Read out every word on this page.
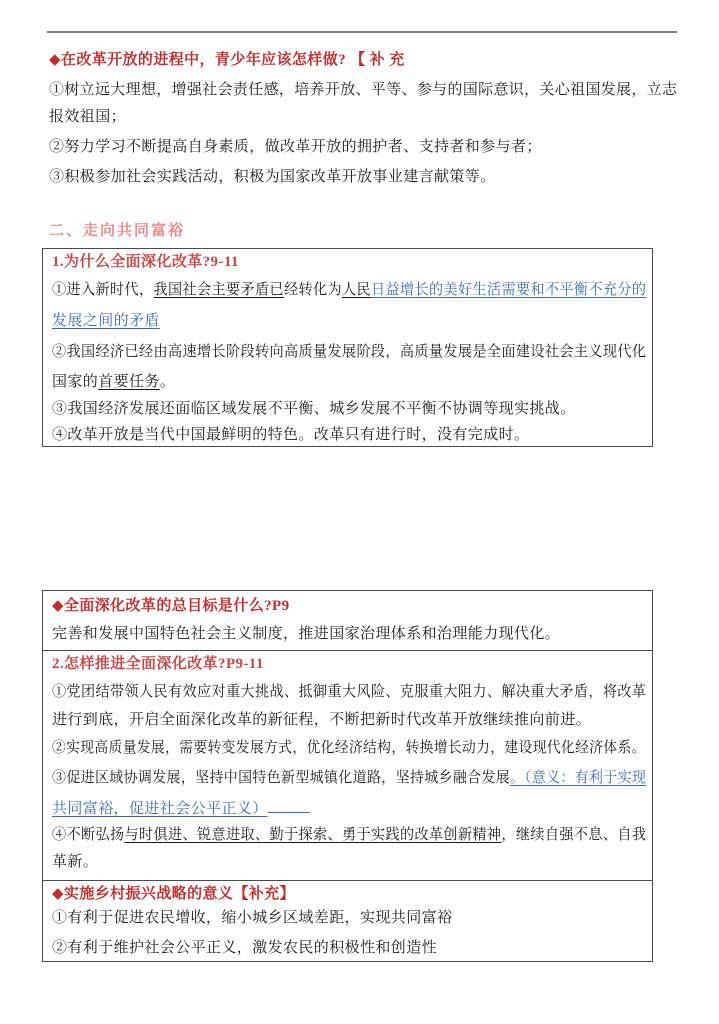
◆在改革开放的进程中，青少年应该怎样做? 【 补 充
①树立远大理想，增强社会责任感，培养开放、平等、参与的国际意识，关心祖国发展，立志
报效祖国；
②努力学习不断提高自身素质，做改革开放的拥护者、支持者和参与者；
③积极参加社会实践活动，积极为国家改革开放事业建言献策等。
二、走向共同富裕
1.为什么全面深化改革?9-11
①进入新时代，我国社会主要矛盾已经转化为人民日益增长的美好生活需要和不平衡不充分的
发展之间的矛盾
②我国经济已经由高速增长阶段转向高质量发展阶段，高质量发展是全面建设社会主义现代化
国家的首要任务。
③我国经济发展还面临区域发展不平衡、城乡发展不平衡不协调等现实挑战。
④改革开放是当代中国最鲜明的特色。改革只有进行时，没有完成时。
◆全面深化改革的总目标是什么?P9
完善和发展中国特色社会主义制度，推进国家治理体系和治理能力现代化。
2.怎样推进全面深化改革?P9-11
①党团结带领人民有效应对重大挑战、抵御重大风险、克服重大阻力、解决重大矛盾，将改革
进行到底，开启全面深化改革的新征程，不断把新时代改革开放继续推向前进。
②实现高质量发展，需要转变发展方式，优化经济结构，转换增长动力，建设现代化经济体系。
③促进区域协调发展，坚持中国特色新型城镇化道路，坚持城乡融合发展。（意义：有利于实现
共同富裕，促进社会公平正义）
④不断弘扬与时俱进、锐意进取、勤于探索、勇于实践的改革创新精神，继续自强不息、自我
革新。
◆实施乡村振兴战略的意义【补充】
①有利于促进农民增收，缩小城乡区域差距，实现共同富裕
②有利于维护社会公平正义，激发农民的积极性和创造性
